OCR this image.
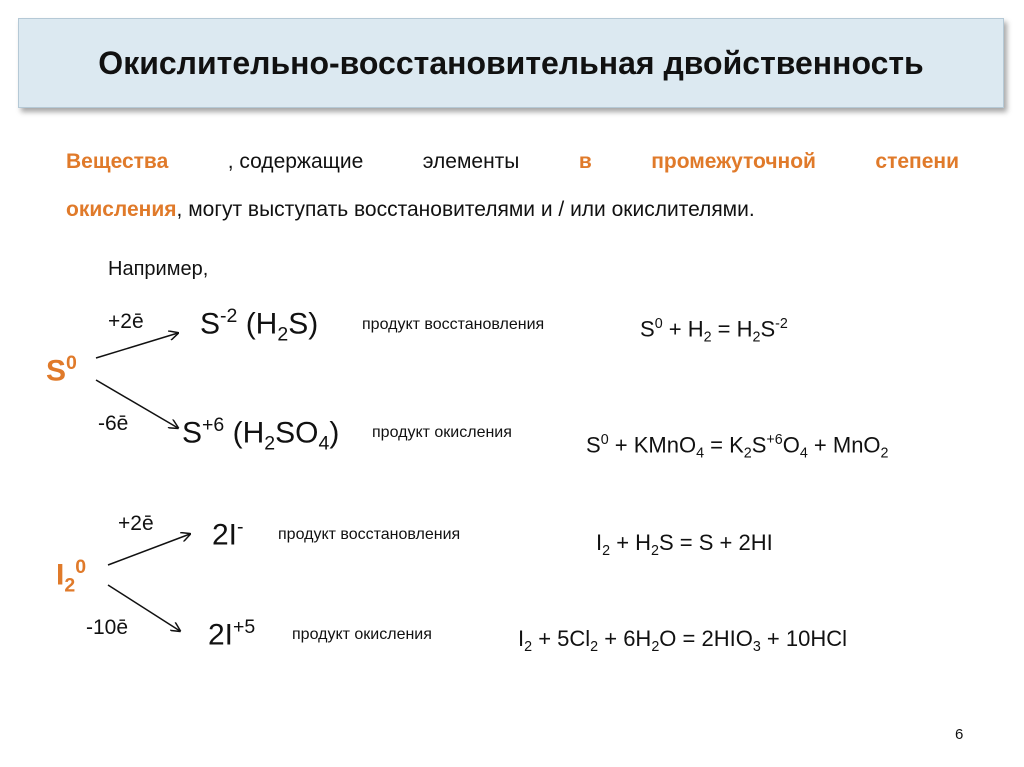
Окислительно-восстановительная двойственность
Вещества	, содержащие	элементы	в	промежуточной	степени
окисления, могут выступать восстановителями и / или окислителями.
Например,
$S^0$
+2ē $S^{-2}$ $(H_2S)$	продукт восстановления	$S^0 + H_2 = H_2S^{-2}$
-6ē $S^{+6}$ $(H_2SO_4)$ продукт окисления
$S^0$ + KMnO$_4$ = $K_2S^{+6}O_4 + MnO_2$
$I_2^0$
+2ē 2I- продукт восстановления	$I_2 + H_2S = S + 2HI$
-10ē	$2I^{+5}$ продукт окисления	$I_2 + 5Cl_2 + 6H_2O = 2HIO_3 + 10HCl$
6
